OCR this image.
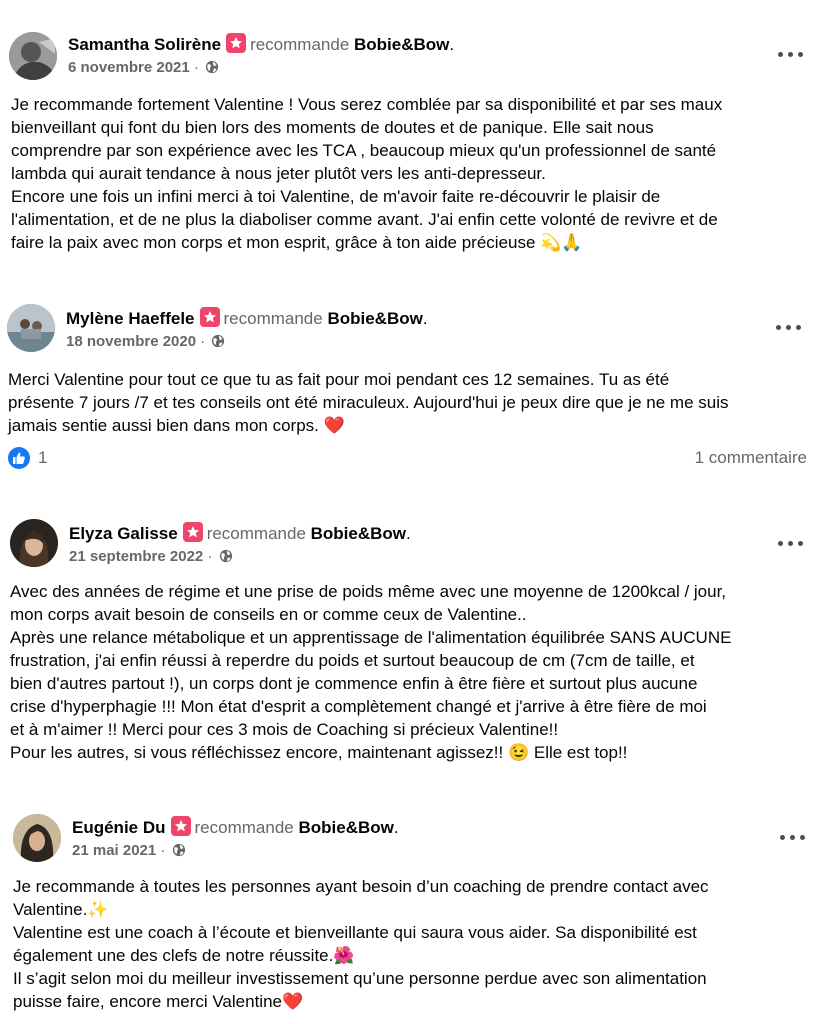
Samantha Solirène recommande Bobie&Bow.
6 novembre 2021 ·
Je recommande fortement Valentine ! Vous serez comblée par sa disponibilité et par ses maux
bienveillant qui font du bien lors des moments de doutes et de panique. Elle sait nous
comprendre par son expérience avec les TCA , beaucoup mieux qu'un professionnel de santé
lambda qui aurait tendance à nous jeter plutôt vers les anti-depresseur.
Encore une fois un infini merci à toi Valentine, de m'avoir faite re-découvrir le plaisir de
l'alimentation, et de ne plus la diaboliser comme avant. J'ai enfin cette volonté de revivre et de
faire la paix avec mon corps et mon esprit, grâce à ton aide précieuse 💫🙏
Mylène Haeffele recommande Bobie&Bow.
18 novembre 2020 ·
Merci Valentine pour tout ce que tu as fait pour moi pendant ces 12 semaines. Tu as été
présente 7 jours /7 et tes conseils ont été miraculeux. Aujourd'hui je peux dire que je ne me suis
jamais sentie aussi bien dans mon corps. ❤️
1	1 commentaire
Elyza Galisse recommande Bobie&Bow.
21 septembre 2022 ·
Avec des années de régime et une prise de poids même avec une moyenne de 1200kcal / jour,
mon corps avait besoin de conseils en or comme ceux de Valentine..
Après une relance métabolique et un apprentissage de l'alimentation équilibrée SANS AUCUNE
frustration, j'ai enfin réussi à reperdre du poids et surtout beaucoup de cm (7cm de taille, et
bien d'autres partout !), un corps dont je commence enfin à être fière et surtout plus aucune
crise d'hyperphagie !!! Mon état d'esprit a complètement changé et j'arrive à être fière de moi
et à m'aimer !! Merci pour ces 3 mois de Coaching si précieux Valentine!!
Pour les autres, si vous réfléchissez encore, maintenant agissez!! 😉 Elle est top!!
Eugénie Du recommande Bobie&Bow.
21 mai 2021 ·
Je recommande à toutes les personnes ayant besoin d’un coaching de prendre contact avec
Valentine.✨
Valentine est une coach à l’écoute et bienveillante qui saura vous aider. Sa disponibilité est
également une des clefs de notre réussite.🌺
Il s’agit selon moi du meilleur investissement qu’une personne perdue avec son alimentation
puisse faire, encore merci Valentine❤️
